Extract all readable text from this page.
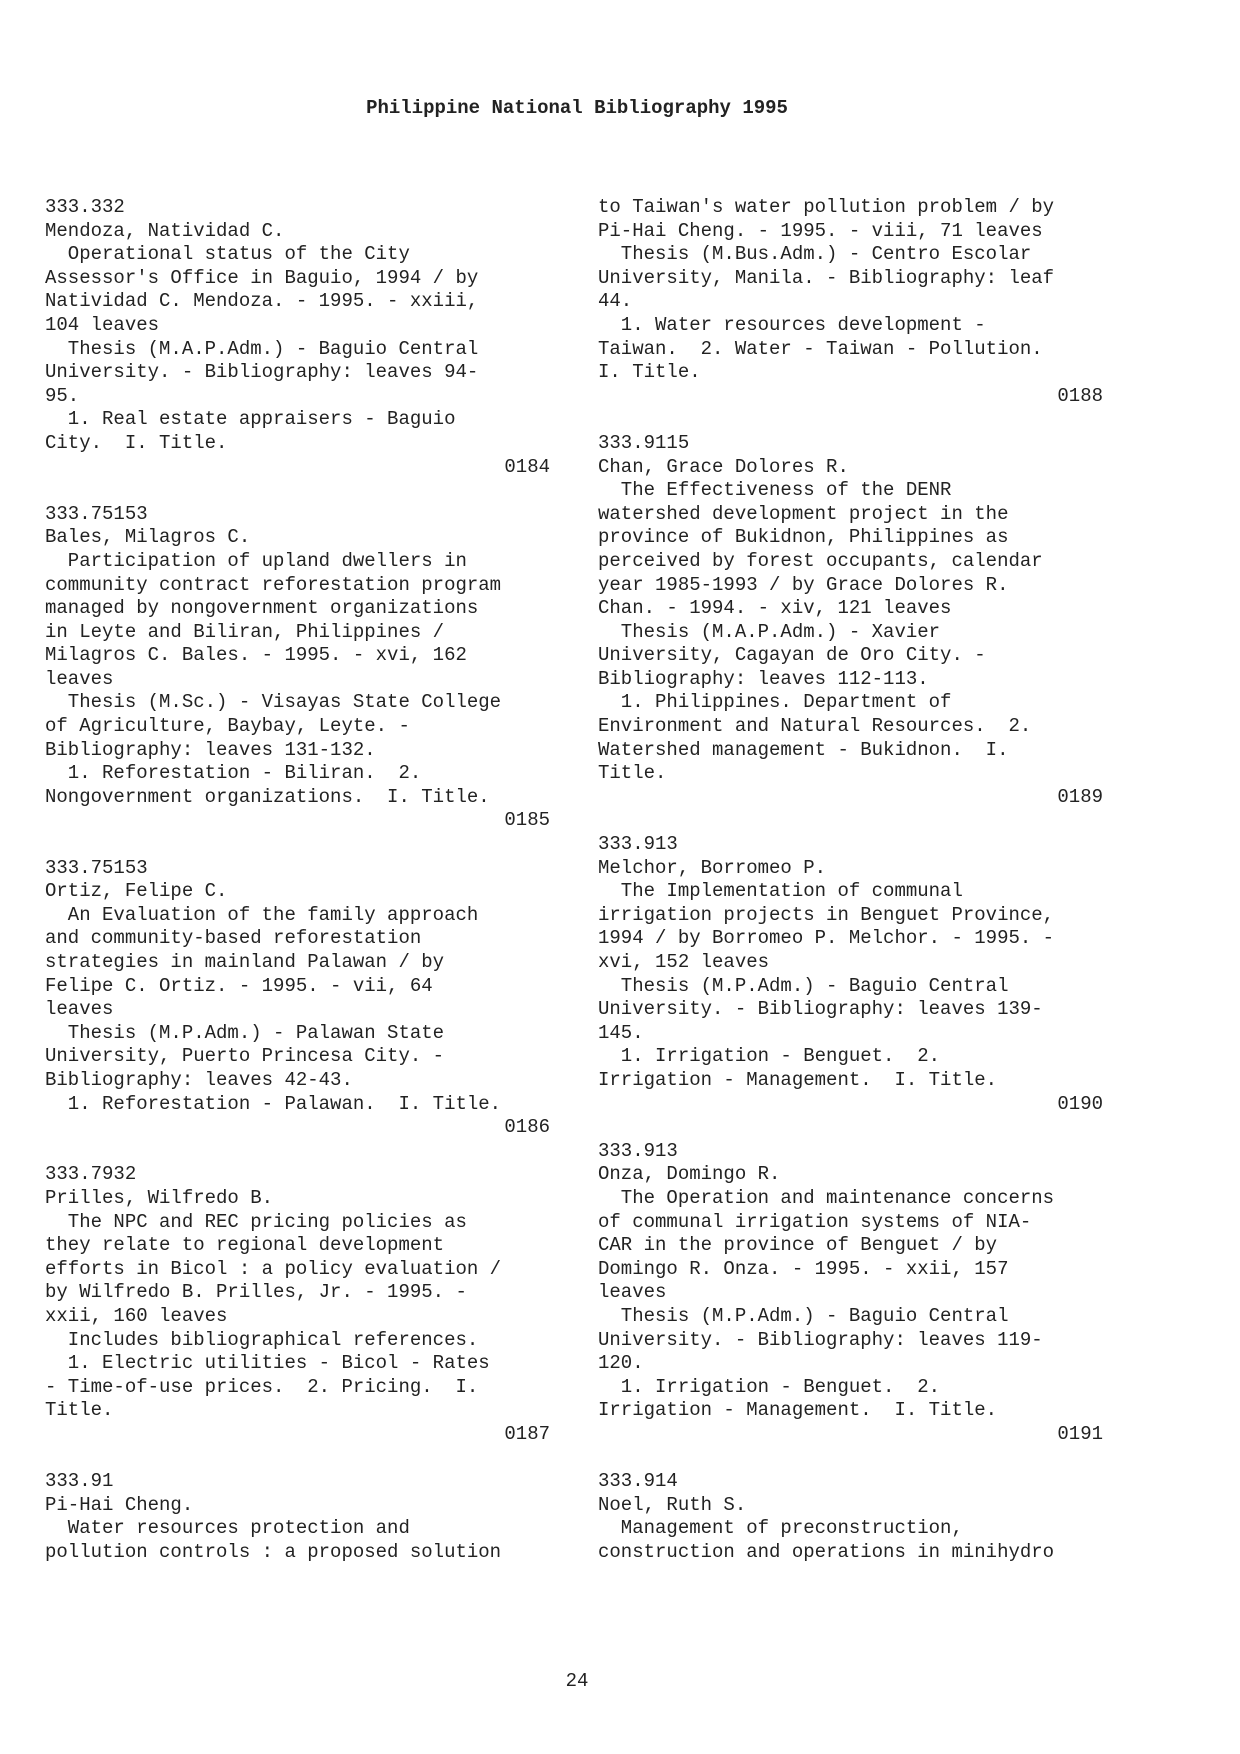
Philippine National Bibliography 1995
333.332
Mendoza, Natividad C.
Operational status of the City
Assessor's Office in Baguio, 1994 / by
Natividad C. Mendoza. - 1995. - xxiii,
104 leaves
Thesis (M.A.P.Adm.) - Baguio Central
University. - Bibliography: leaves 94-
95.
1. Real estate appraisers - Baguio
City.  I. Title.
0184
333.75153
Bales, Milagros C.
Participation of upland dwellers in
community contract reforestation program
managed by nongovernment organizations
in Leyte and Biliran, Philippines /
Milagros C. Bales. - 1995. - xvi, 162
leaves
Thesis (M.Sc.) - Visayas State College
of Agriculture, Baybay, Leyte. -
Bibliography: leaves 131-132.
1. Reforestation - Biliran.  2.
Nongovernment organizations.  I. Title.
0185
333.75153
Ortiz, Felipe C.
An Evaluation of the family approach
and community-based reforestation
strategies in mainland Palawan / by
Felipe C. Ortiz. - 1995. - vii, 64
leaves
Thesis (M.P.Adm.) - Palawan State
University, Puerto Princesa City. -
Bibliography: leaves 42-43.
1. Reforestation - Palawan.  I. Title.
0186
333.7932
Prilles, Wilfredo B.
The NPC and REC pricing policies as
they relate to regional development
efforts in Bicol : a policy evaluation /
by Wilfredo B. Prilles, Jr. - 1995. -
xxii, 160 leaves
Includes bibliographical references.
1. Electric utilities - Bicol - Rates
- Time-of-use prices.  2. Pricing.  I.
Title.
0187
333.91
Pi-Hai Cheng.
Water resources protection and
pollution controls : a proposed solution
to Taiwan's water pollution problem / by
Pi-Hai Cheng. - 1995. - viii, 71 leaves
Thesis (M.Bus.Adm.) - Centro Escolar
University, Manila. - Bibliography: leaf
44.
1. Water resources development -
Taiwan.  2. Water - Taiwan - Pollution.
I. Title.
0188
333.9115
Chan, Grace Dolores R.
The Effectiveness of the DENR
watershed development project in the
province of Bukidnon, Philippines as
perceived by forest occupants, calendar
year 1985-1993 / by Grace Dolores R.
Chan. - 1994. - xiv, 121 leaves
Thesis (M.A.P.Adm.) - Xavier
University, Cagayan de Oro City. -
Bibliography: leaves 112-113.
1. Philippines. Department of
Environment and Natural Resources.  2.
Watershed management - Bukidnon.  I.
Title.
0189
333.913
Melchor, Borromeo P.
The Implementation of communal
irrigation projects in Benguet Province,
1994 / by Borromeo P. Melchor. - 1995. -
xvi, 152 leaves
Thesis (M.P.Adm.) - Baguio Central
University. - Bibliography: leaves 139-
145.
1. Irrigation - Benguet.  2.
Irrigation - Management.  I. Title.
0190
333.913
Onza, Domingo R.
The Operation and maintenance concerns
of communal irrigation systems of NIA-
CAR in the province of Benguet / by
Domingo R. Onza. - 1995. - xxii, 157
leaves
Thesis (M.P.Adm.) - Baguio Central
University. - Bibliography: leaves 119-
120.
1. Irrigation - Benguet.  2.
Irrigation - Management.  I. Title.
0191
333.914
Noel, Ruth S.
Management of preconstruction,
construction and operations in minihydro
24
